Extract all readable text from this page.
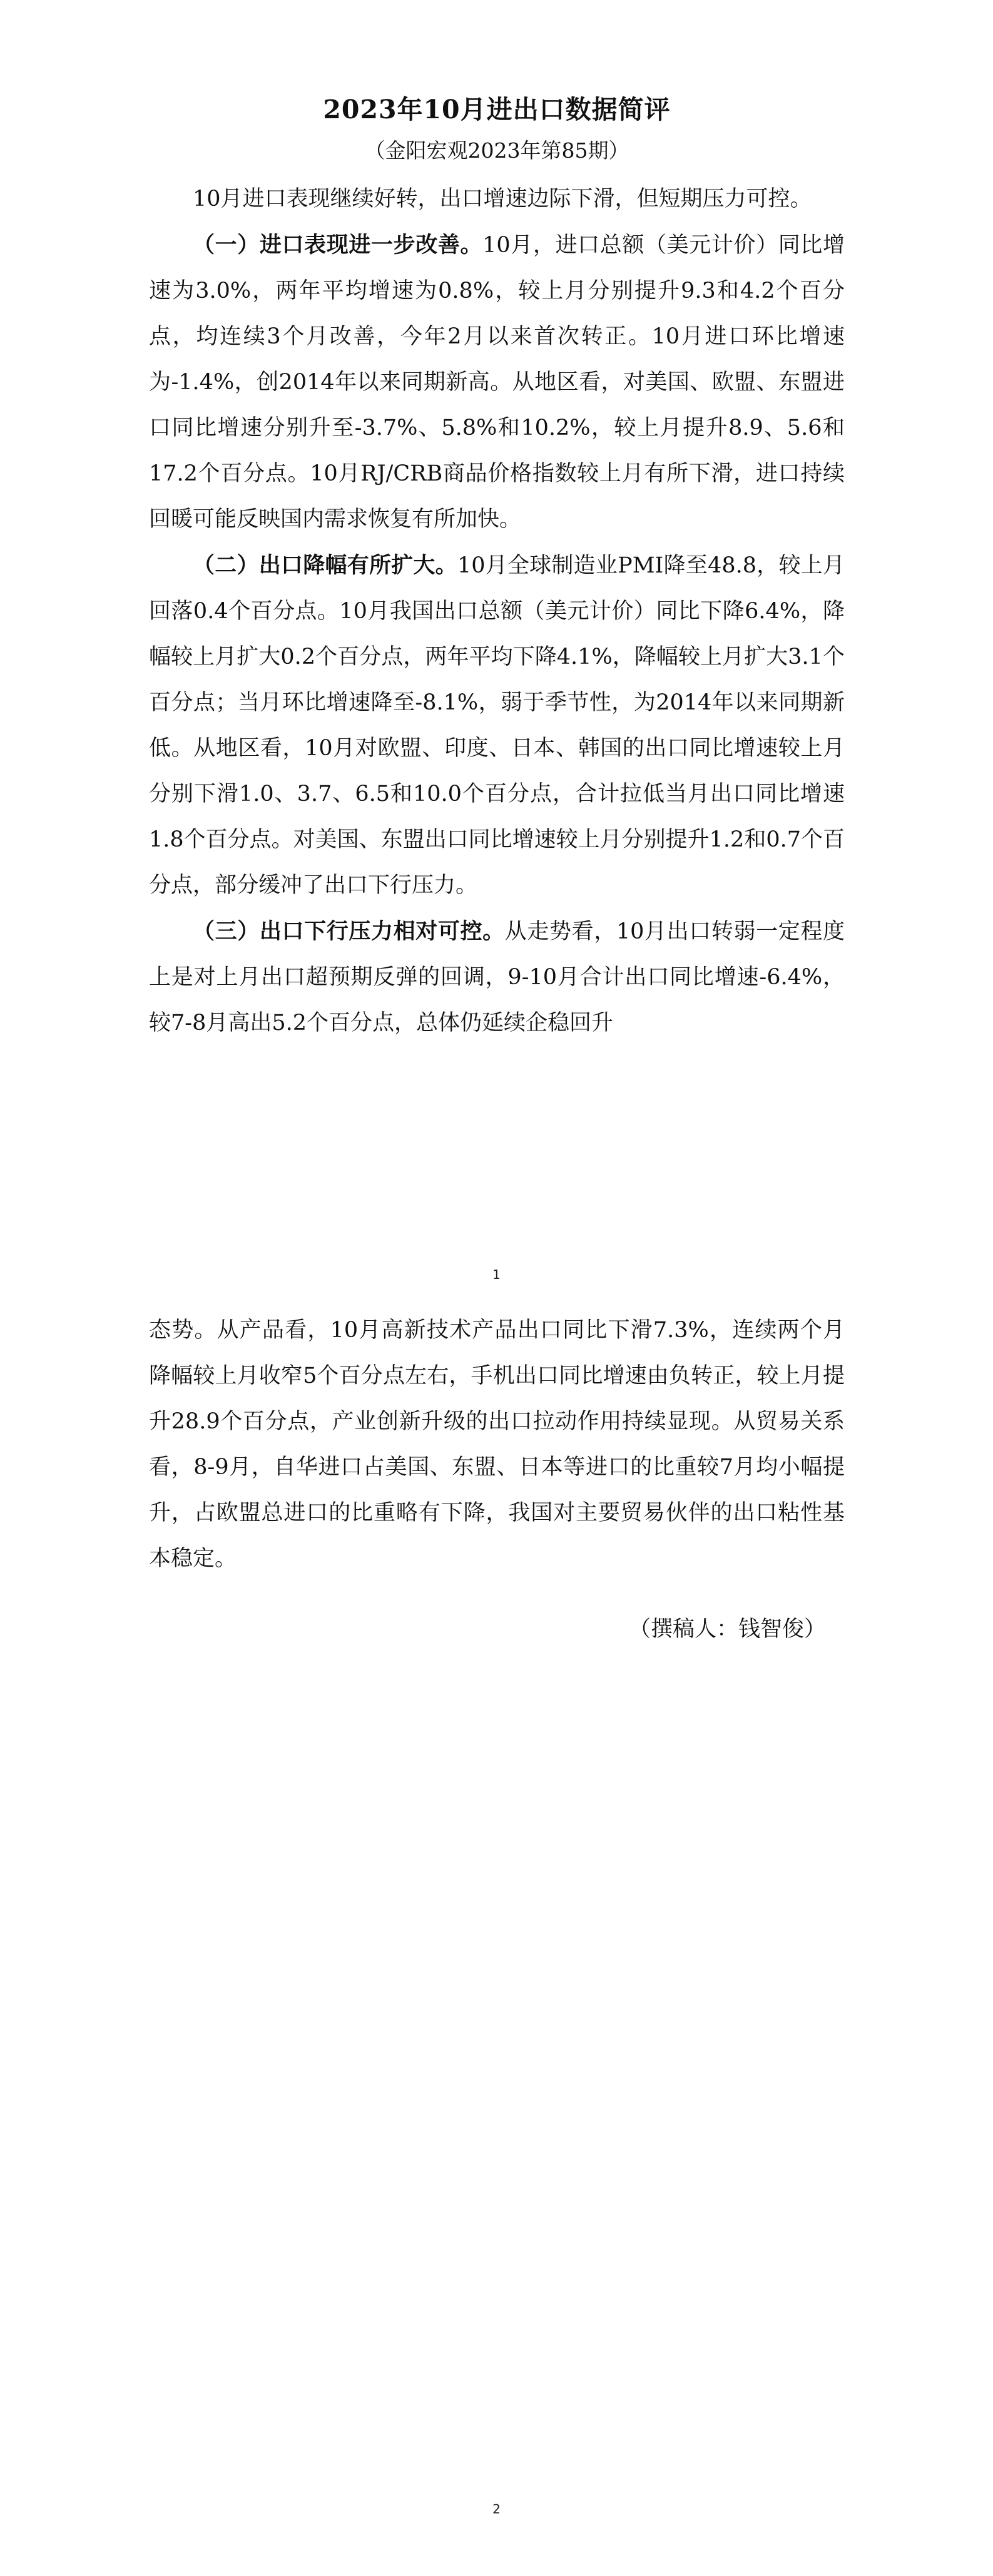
2023年10月进出口数据简评
（金阳宏观2023年第85期）

10月进口表现继续好转，出口增速边际下滑，但短期压力可控。

（一）进口表现进一步改善。10月，进口总额（美元计价）同比增速为3.0%，两年平均增速为0.8%，较上月分别提升9.3和4.2个百分点，均连续3个月改善，今年2月以来首次转正。10月进口环比增速为-1.4%，创2014年以来同期新高。从地区看，对美国、欧盟、东盟进口同比增速分别升至-3.7%、5.8%和10.2%，较上月提升8.9、5.6和17.2个百分点。10月RJ/CRB商品价格指数较上月有所下滑，进口持续回暖可能反映国内需求恢复有所加快。

（二）出口降幅有所扩大。10月全球制造业PMI降至48.8，较上月回落0.4个百分点。10月我国出口总额（美元计价）同比下降6.4%，降幅较上月扩大0.2个百分点，两年平均下降4.1%，降幅较上月扩大3.1个百分点；当月环比增速降至-8.1%，弱于季节性，为2014年以来同期新低。从地区看，10月对欧盟、印度、日本、韩国的出口同比增速较上月分别下滑1.0、3.7、6.5和10.0个百分点，合计拉低当月出口同比增速1.8个百分点。对美国、东盟出口同比增速较上月分别提升1.2和0.7个百分点，部分缓冲了出口下行压力。

（三）出口下行压力相对可控。从走势看，10月出口转弱一定程度上是对上月出口超预期反弹的回调，9-10月合计出口同比增速-6.4%，较7-8月高出5.2个百分点，总体仍延续企稳回升

1

态势。从产品看，10月高新技术产品出口同比下滑7.3%，连续两个月降幅较上月收窄5个百分点左右，手机出口同比增速由负转正，较上月提升28.9个百分点，产业创新升级的出口拉动作用持续显现。从贸易关系看，8-9月，自华进口占美国、东盟、日本等进口的比重较7月均小幅提升，占欧盟总进口的比重略有下降，我国对主要贸易伙伴的出口粘性基本稳定。

（撰稿人：钱智俊）
2
